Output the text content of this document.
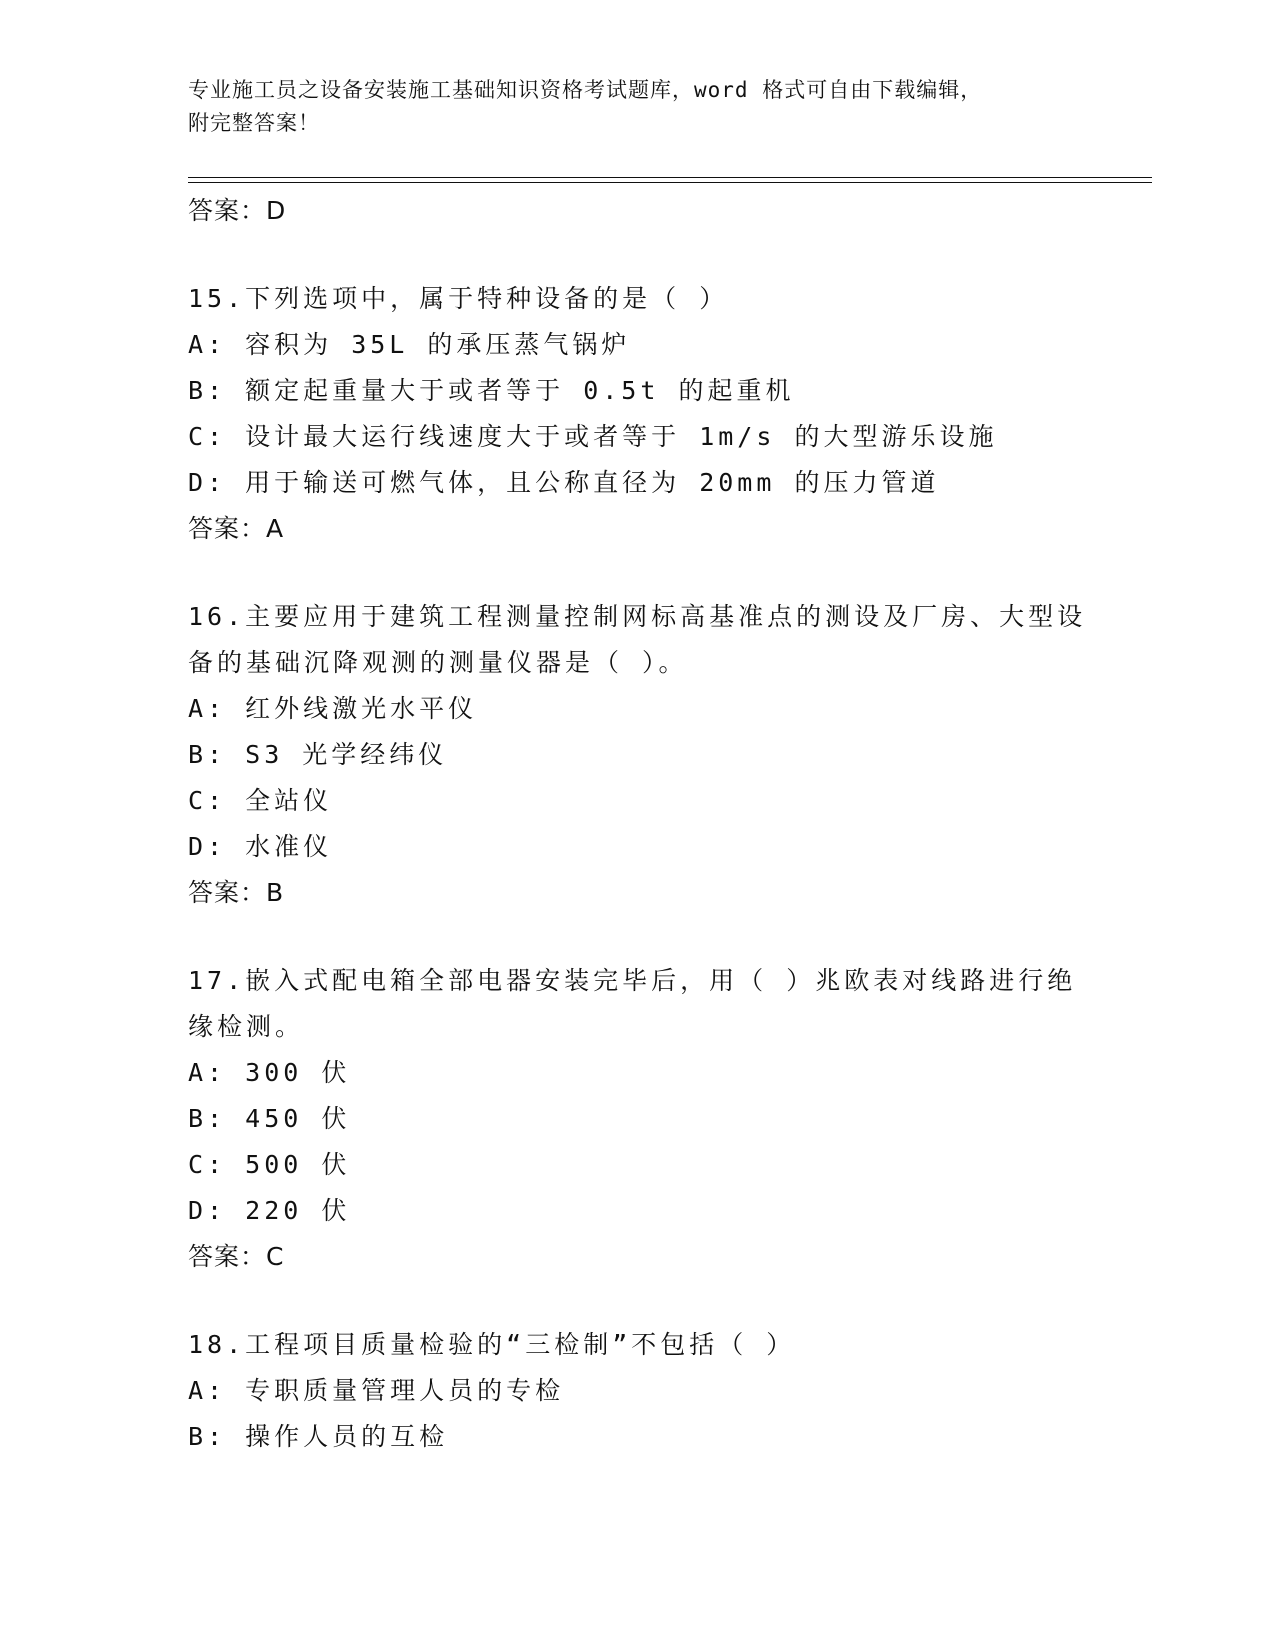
专业施工员之设备安装施工基础知识资格考试题库，word 格式可自由下载编辑，
附完整答案！
答案：D
15.下列选项中，属于特种设备的是（ ）
A: 容积为 35L 的承压蒸气锅炉
B: 额定起重量大于或者等于 0.5t 的起重机
C: 设计最大运行线速度大于或者等于 1m/s 的大型游乐设施
D: 用于输送可燃气体，且公称直径为 20mm 的压力管道
答案：A
16.主要应用于建筑工程测量控制网标高基准点的测设及厂房、大型设
备的基础沉降观测的测量仪器是（ ）。
A: 红外线激光水平仪
B: S3 光学经纬仪
C: 全站仪
D: 水准仪
答案：B
17.嵌入式配电箱全部电器安装完毕后，用（ ）兆欧表对线路进行绝
缘检测。
A: 300 伏
B: 450 伏
C: 500 伏
D: 220 伏
答案：C
18.工程项目质量检验的“三检制”不包括（ ）
A: 专职质量管理人员的专检
B: 操作人员的互检
